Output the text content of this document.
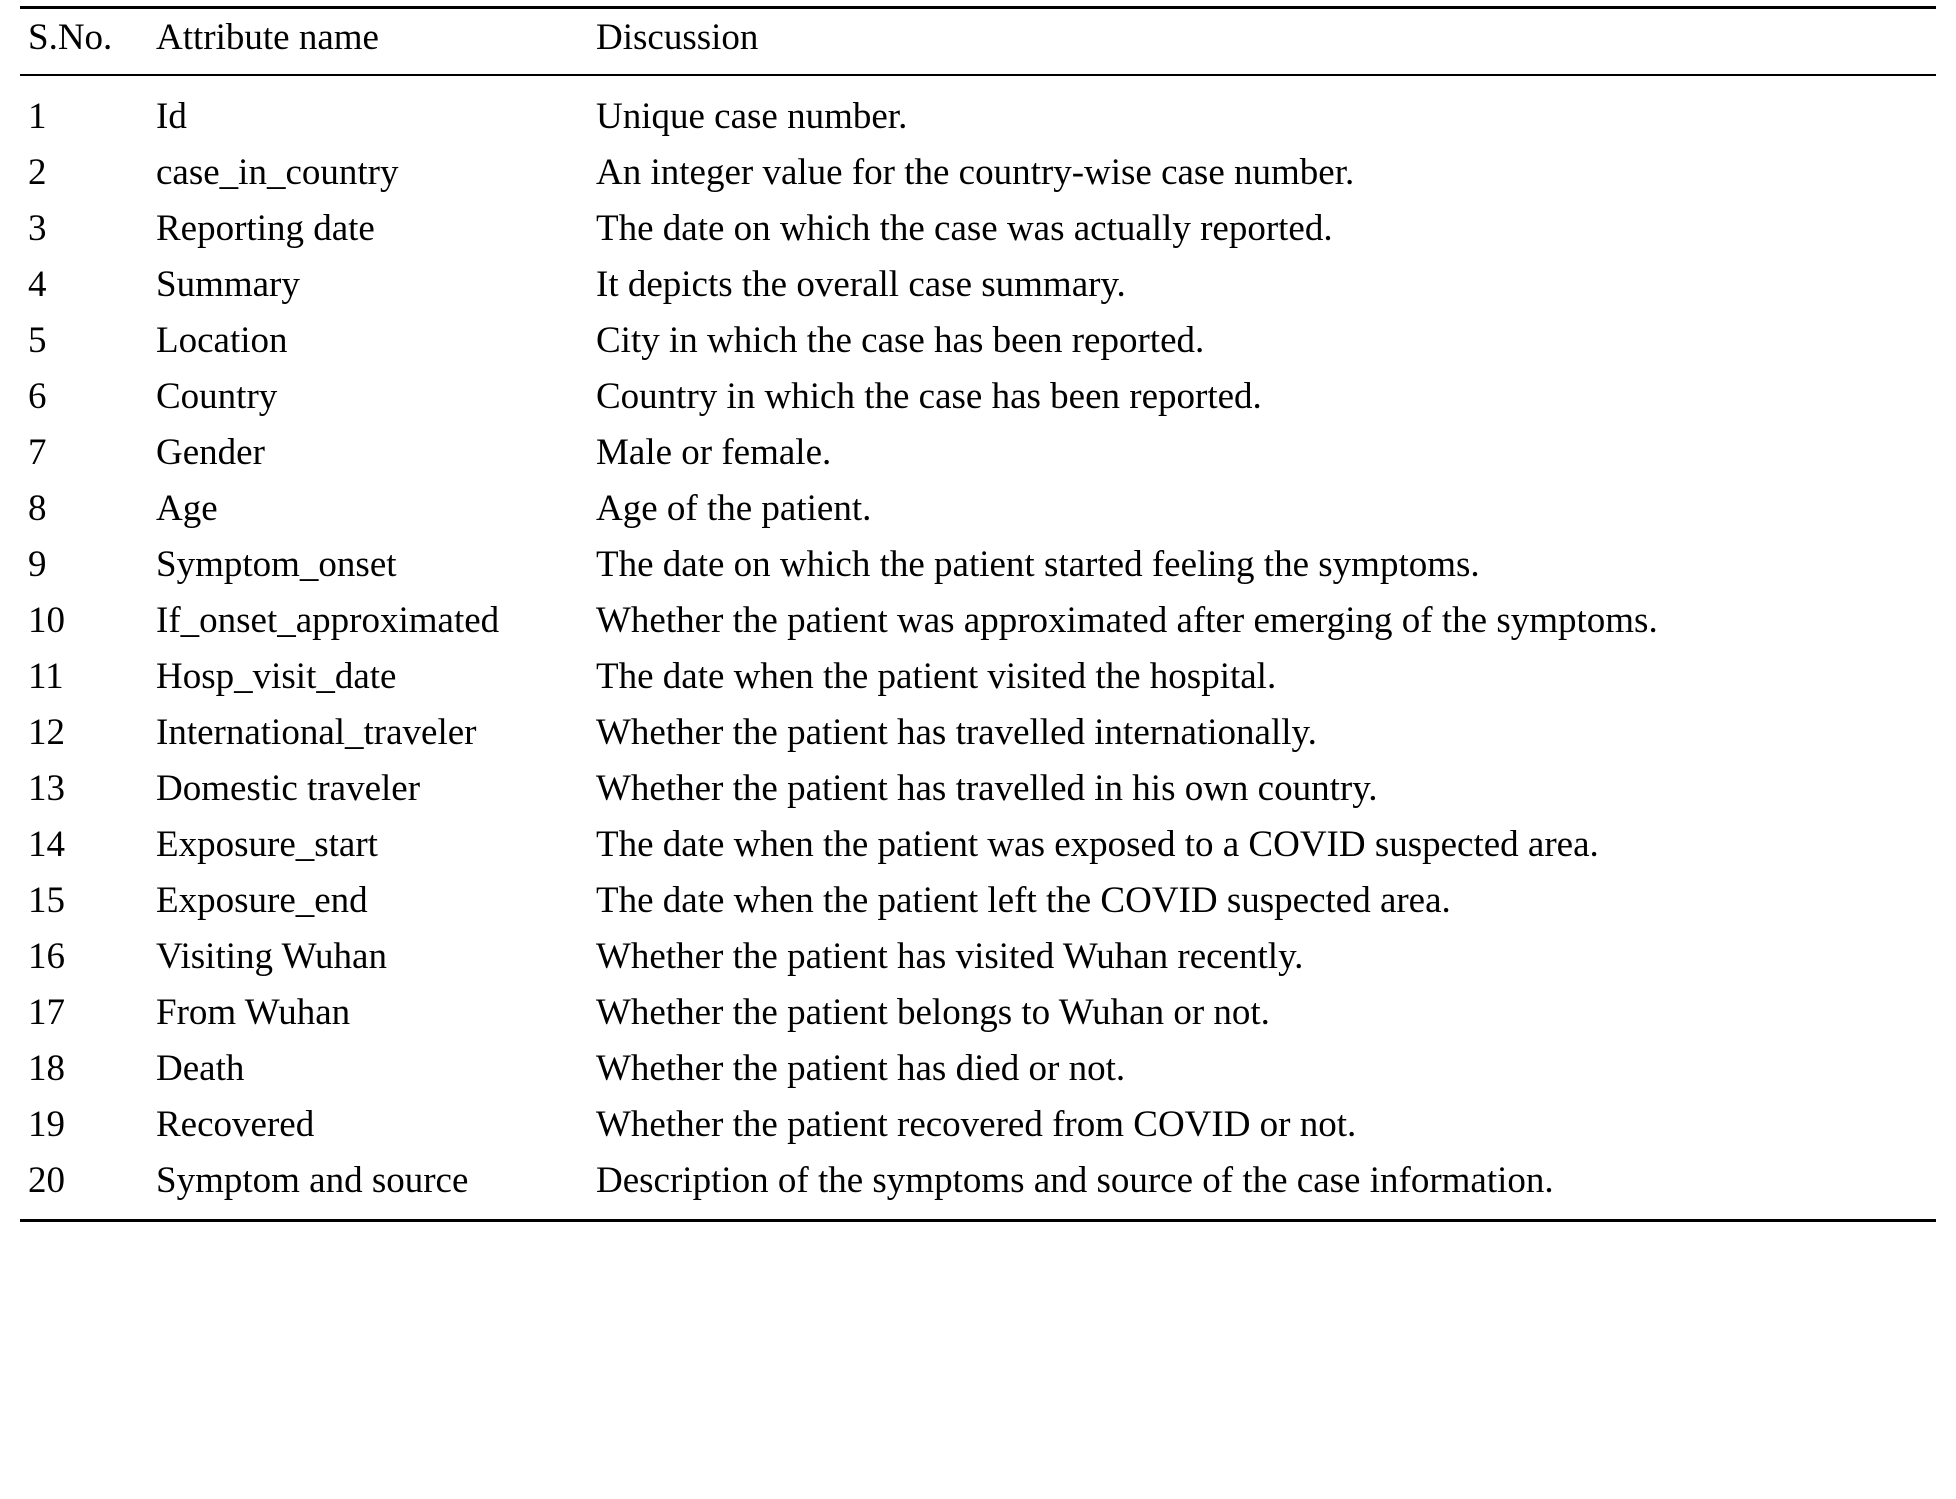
S.No.	Attribute name	Discussion
1	Id	Unique case number.
2	case_in_country	An integer value for the country-wise case number.
3	Reporting date	The date on which the case was actually reported.
4	Summary	It depicts the overall case summary.
5	Location	City in which the case has been reported.
6	Country	Country in which the case has been reported.
7	Gender	Male or female.
8	Age	Age of the patient.
9	Symptom_onset	The date on which the patient started feeling the symptoms.
10	If_onset_approximated	Whether the patient was approximated after emerging of the symptoms.
11	Hosp_visit_date	The date when the patient visited the hospital.
12	International_traveler	Whether the patient has travelled internationally.
13	Domestic traveler	Whether the patient has travelled in his own country.
14	Exposure_start	The date when the patient was exposed to a COVID suspected area.
15	Exposure_end	The date when the patient left the COVID suspected area.
16	Visiting Wuhan	Whether the patient has visited Wuhan recently.
17	From Wuhan	Whether the patient belongs to Wuhan or not.
18	Death	Whether the patient has died or not.
19	Recovered	Whether the patient recovered from COVID or not.
20	Symptom and source	Description of the symptoms and source of the case information.
